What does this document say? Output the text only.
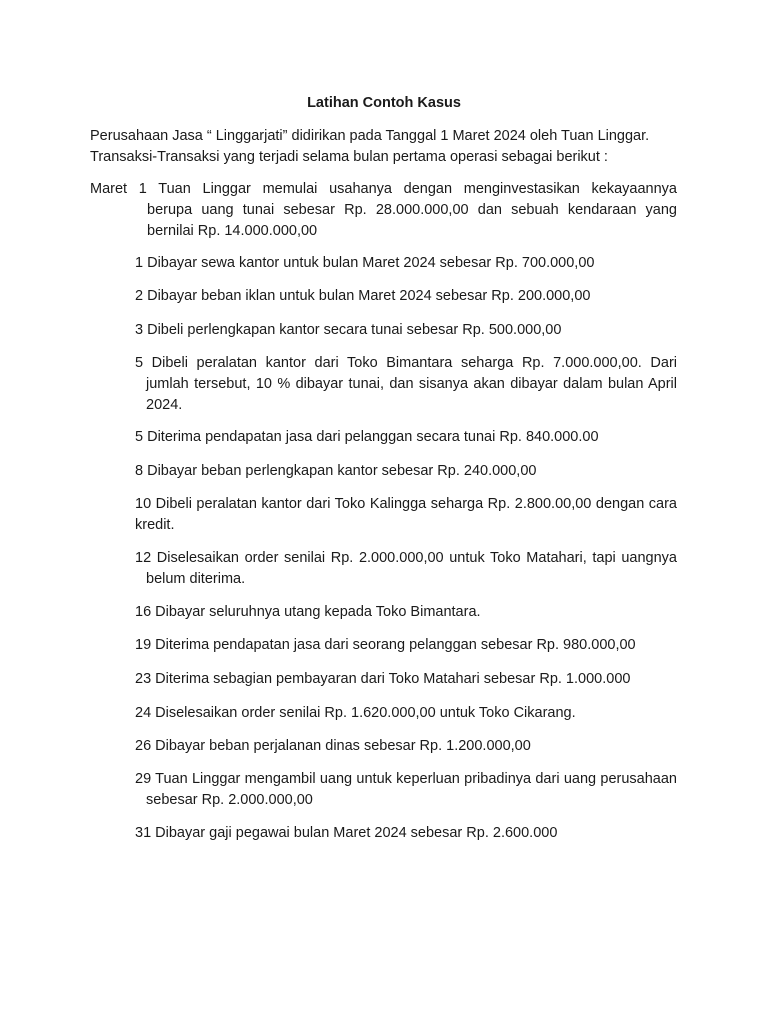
Latihan Contoh Kasus

Perusahaan Jasa “ Linggarjati” didirikan pada Tanggal 1 Maret 2024 oleh Tuan Linggar.
Transaksi-Transaksi yang terjadi selama bulan pertama operasi sebagai berikut :

Maret 1 Tuan Linggar memulai usahanya dengan menginvestasikan kekayaannya
berupa uang tunai sebesar Rp. 28.000.000,00 dan sebuah kendaraan yang bernilai Rp. 14.000.000,00

1 Dibayar sewa kantor untuk bulan Maret 2024 sebesar Rp. 700.000,00

2 Dibayar beban iklan untuk bulan Maret 2024 sebesar Rp. 200.000,00

3 Dibeli perlengkapan kantor secara tunai sebesar Rp. 500.000,00

5 Dibeli peralatan kantor dari Toko Bimantara seharga Rp. 7.000.000,00. Dari jumlah tersebut, 10 % dibayar tunai, dan sisanya akan dibayar dalam bulan April 2024.

5 Diterima pendapatan jasa dari pelanggan secara tunai Rp. 840.000.00

8 Dibayar beban perlengkapan kantor sebesar Rp. 240.000,00

10 Dibeli peralatan kantor dari Toko Kalingga seharga Rp. 2.800.00,00 dengan cara kredit.

12 Diselesaikan order senilai Rp. 2.000.000,00 untuk Toko Matahari, tapi uangnya belum diterima.

16 Dibayar seluruhnya utang kepada Toko Bimantara.

19 Diterima pendapatan jasa dari seorang pelanggan sebesar Rp. 980.000,00

23 Diterima sebagian pembayaran dari Toko Matahari sebesar Rp. 1.000.000

24 Diselesaikan order senilai Rp. 1.620.000,00 untuk Toko Cikarang.

26 Dibayar beban perjalanan dinas sebesar Rp. 1.200.000,00

29 Tuan Linggar mengambil uang untuk keperluan pribadinya dari uang perusahaan sebesar Rp. 2.000.000,00

31 Dibayar gaji pegawai bulan Maret 2024 sebesar Rp. 2.600.000
